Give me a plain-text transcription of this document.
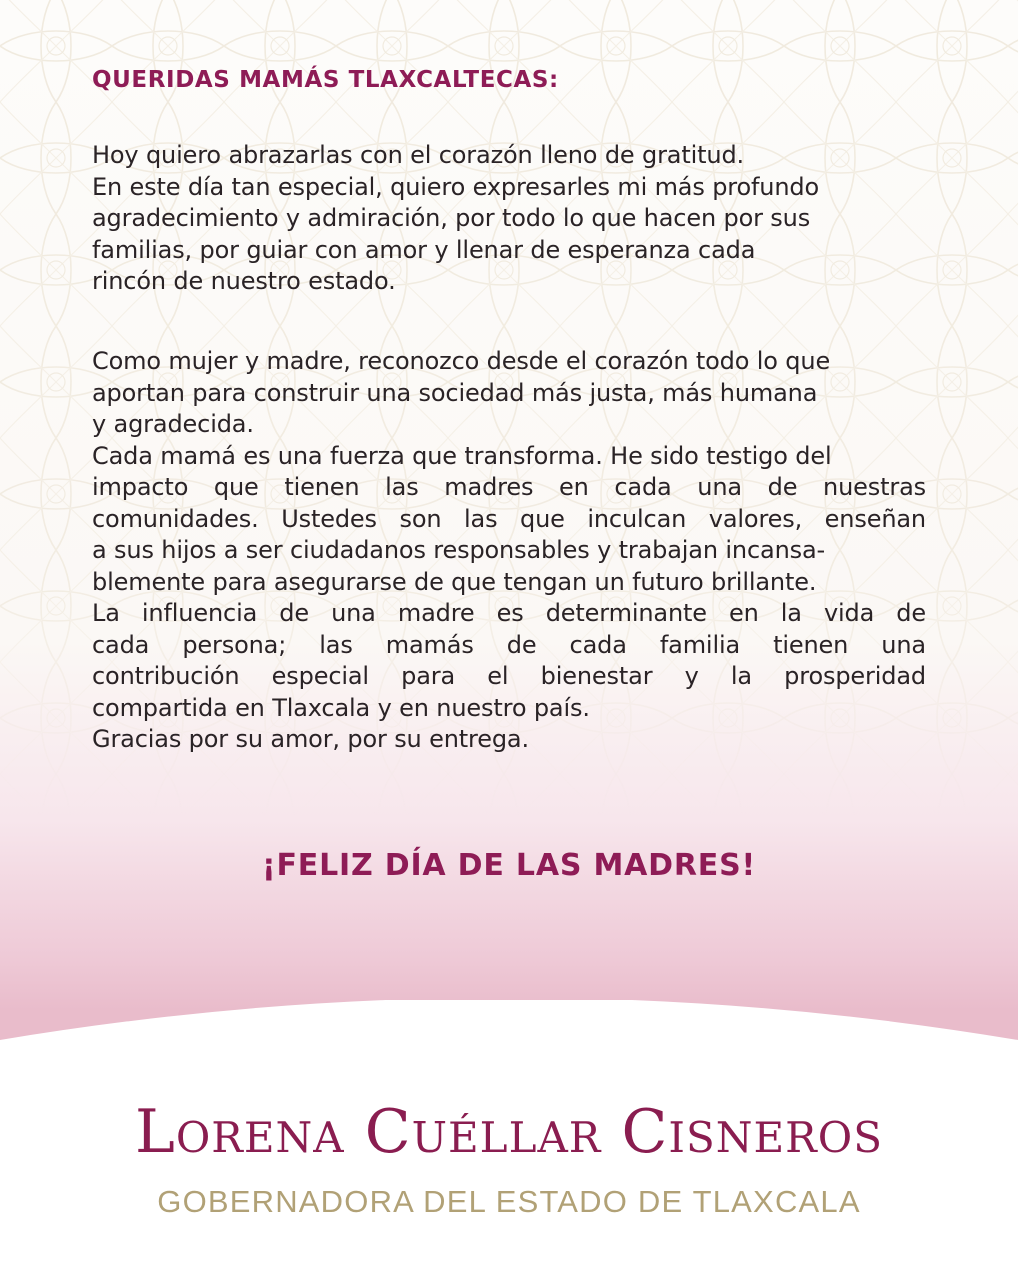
QUERIDAS MAMÁS TLAXCALTECAS:
Hoy quiero abrazarlas con el corazón lleno de gratitud.
En este día tan especial, quiero expresarles mi más profundo
agradecimiento y admiración, por todo lo que hacen por sus
familias, por guiar con amor y llenar de esperanza cada
rincón de nuestro estado.
Como mujer y madre, reconozco desde el corazón todo lo que
aportan para construir una sociedad más justa, más humana
y agradecida.
Cada mamá es una fuerza que transforma. He sido testigo del
impacto que tienen las madres en cada una de nuestras
comunidades. Ustedes son las que inculcan valores, enseñan
a sus hijos a ser ciudadanos responsables y trabajan incansa-
blemente para asegurarse de que tengan un futuro brillante.
La influencia de una madre es determinante en la vida de
cada persona; las mamás de cada familia tienen una
contribución especial para el bienestar y la prosperidad
compartida en Tlaxcala y en nuestro país.
Gracias por su amor, por su entrega.
¡FELIZ DÍA DE LAS MADRES!
Lorena Cuéllar Cisneros
GOBERNADORA DEL ESTADO DE TLAXCALA
